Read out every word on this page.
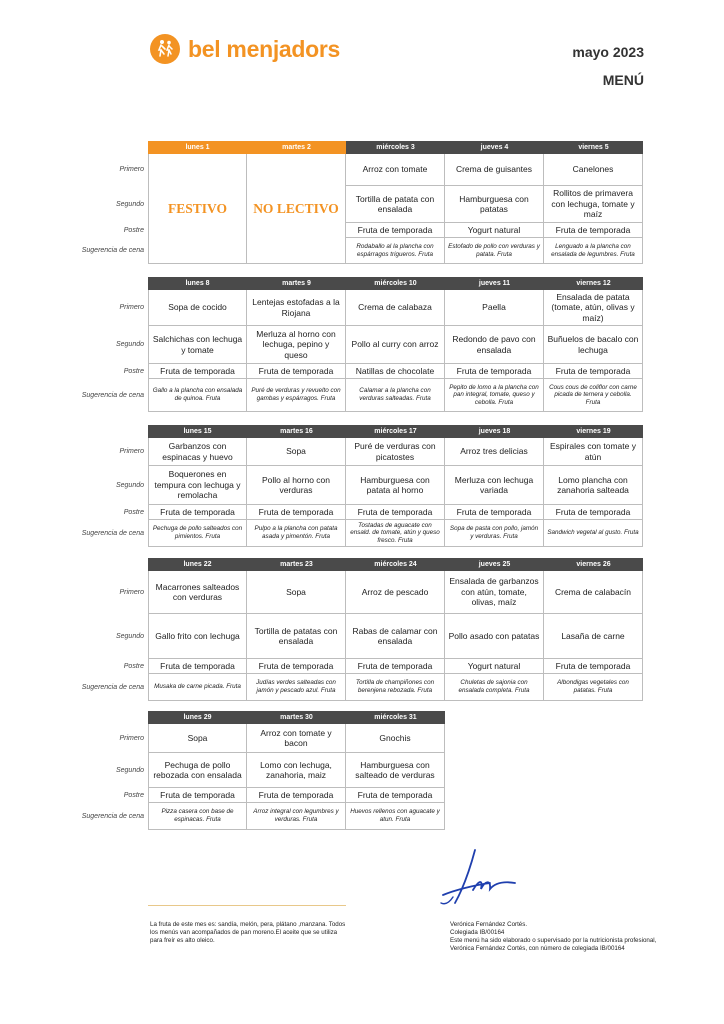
bel menjadors	mayo 2023
MENÚ
Primero
Segundo
Postre
Sugerencia de cena
lunes 1
FESTIVO
martes 2
NO LECTIVO
miércoles 3
Arroz con tomate
Tortilla de patata con ensalada
Fruta de temporada
Rodaballo al la plancha con espárragos trigueros. Fruta
jueves 4
Crema de guisantes
Hamburguesa con patatas
Yogurt natural
Estofado de pollo con verduras y patata. Fruta
viernes 5
Canelones
Rollitos de primavera con lechuga, tomate y maíz
Fruta de temporada
Lenguado a la plancha con ensalada de legumbres. Fruta
Primero
Segundo
Postre
Sugerencia de cena
lunes 8
Sopa de cocido
Salchichas con lechuga y tomate
Fruta de temporada
Gallo a la plancha con ensalada de quinoa. Fruta
martes 9
Lentejas estofadas a la Riojana
Merluza al horno con lechuga, pepino y queso
Fruta de temporada
Puré de verduras y revuelto con gambas y espárragos. Fruta
miércoles 10
Crema de calabaza
Pollo al curry con arroz
Natillas de chocolate
Calamar a la plancha con verduras salteadas. Fruta
jueves 11
Paella
Redondo de pavo con ensalada
Fruta de temporada
Pepito de lomo a la plancha con pan integral, tomate, queso y cebolla. Fruta
viernes 12
Ensalada de patata (tomate, atún, olivas y maíz)
Buñuelos de bacalo con lechuga
Fruta de temporada
Cous cous de coliflor con carne picada de ternera y cebolla. Fruta
Primero
Segundo
Postre
Sugerencia de cena
lunes 15
Garbanzos con espinacas y huevo
Boquerones en tempura con lechuga y remolacha
Fruta de temporada
Pechuga de pollo salteados con pimientos. Fruta
martes 16
Sopa
Pollo al horno con verduras
Fruta de temporada
Pulpo a la plancha con patata asada y pimentón. Fruta
miércoles 17
Puré de verduras con picatostes
Hamburguesa con patata al horno
Fruta de temporada
Tostadas de aguacate con ensald. de tomate, atún y queso fresco. Fruta
jueves 18
Arroz tres delicias
Merluza con lechuga variada
Fruta de temporada
Sopa de pasta con pollo, jamón y verduras. Fruta
viernes 19
Espirales con tomate y atún
Lomo plancha con zanahoria salteada
Fruta de temporada
Sandwich vegetal al gusto. Fruta
Primero
Segundo
Postre
Sugerencia de cena
lunes 22
Macarrones salteados con verduras
Gallo frito con lechuga
Fruta de temporada
Musaka de carne picada. Fruta
martes 23
Sopa
Tortilla de patatas con ensalada
Fruta de temporada
Judías verdes salteadas con jamón y pescado azul. Fruta
miércoles 24
Arroz de pescado
Rabas de calamar con ensalada
Fruta de temporada
Tortilla de champiñones con berenjena rebozada. Fruta
jueves 25
Ensalada de garbanzos con atún, tomate, olivas, maíz
Pollo asado con patatas
Yogurt natural
Chuletas de sajonia con ensalada completa. Fruta
viernes 26
Crema de calabacín
Lasaña de carne
Fruta de temporada
Albondigas vegetales con patatas. Fruta
Primero
Segundo
Postre
Sugerencia de cena
lunes 29
Sopa
Pechuga de pollo rebozada con ensalada
Fruta de temporada
Pizza casera con base de espinacas. Fruta
martes 30
Arroz con tomate y bacon
Lomo con lechuga, zanahoria, maiz
Fruta de temporada
Arroz integral con legumbres y verduras. Fruta
miércoles 31
Gnochis
Hamburguesa con salteado de verduras
Fruta de temporada
Huevos rellenos con aguacate y atun. Fruta
La fruta de este mes es: sandía, melón, pera, plátano ,manzana. Todos los menús van acompañados de pan moreno.El aceite que se utiliza para freír es alto oleico.
Verónica Fernández Cortés.
Colegiada IB/00164
Este menú ha sido elaborado o supervisado por la nutricionista profesional, Verónica Fernández Cortés, con número de colegiada IB/00164
